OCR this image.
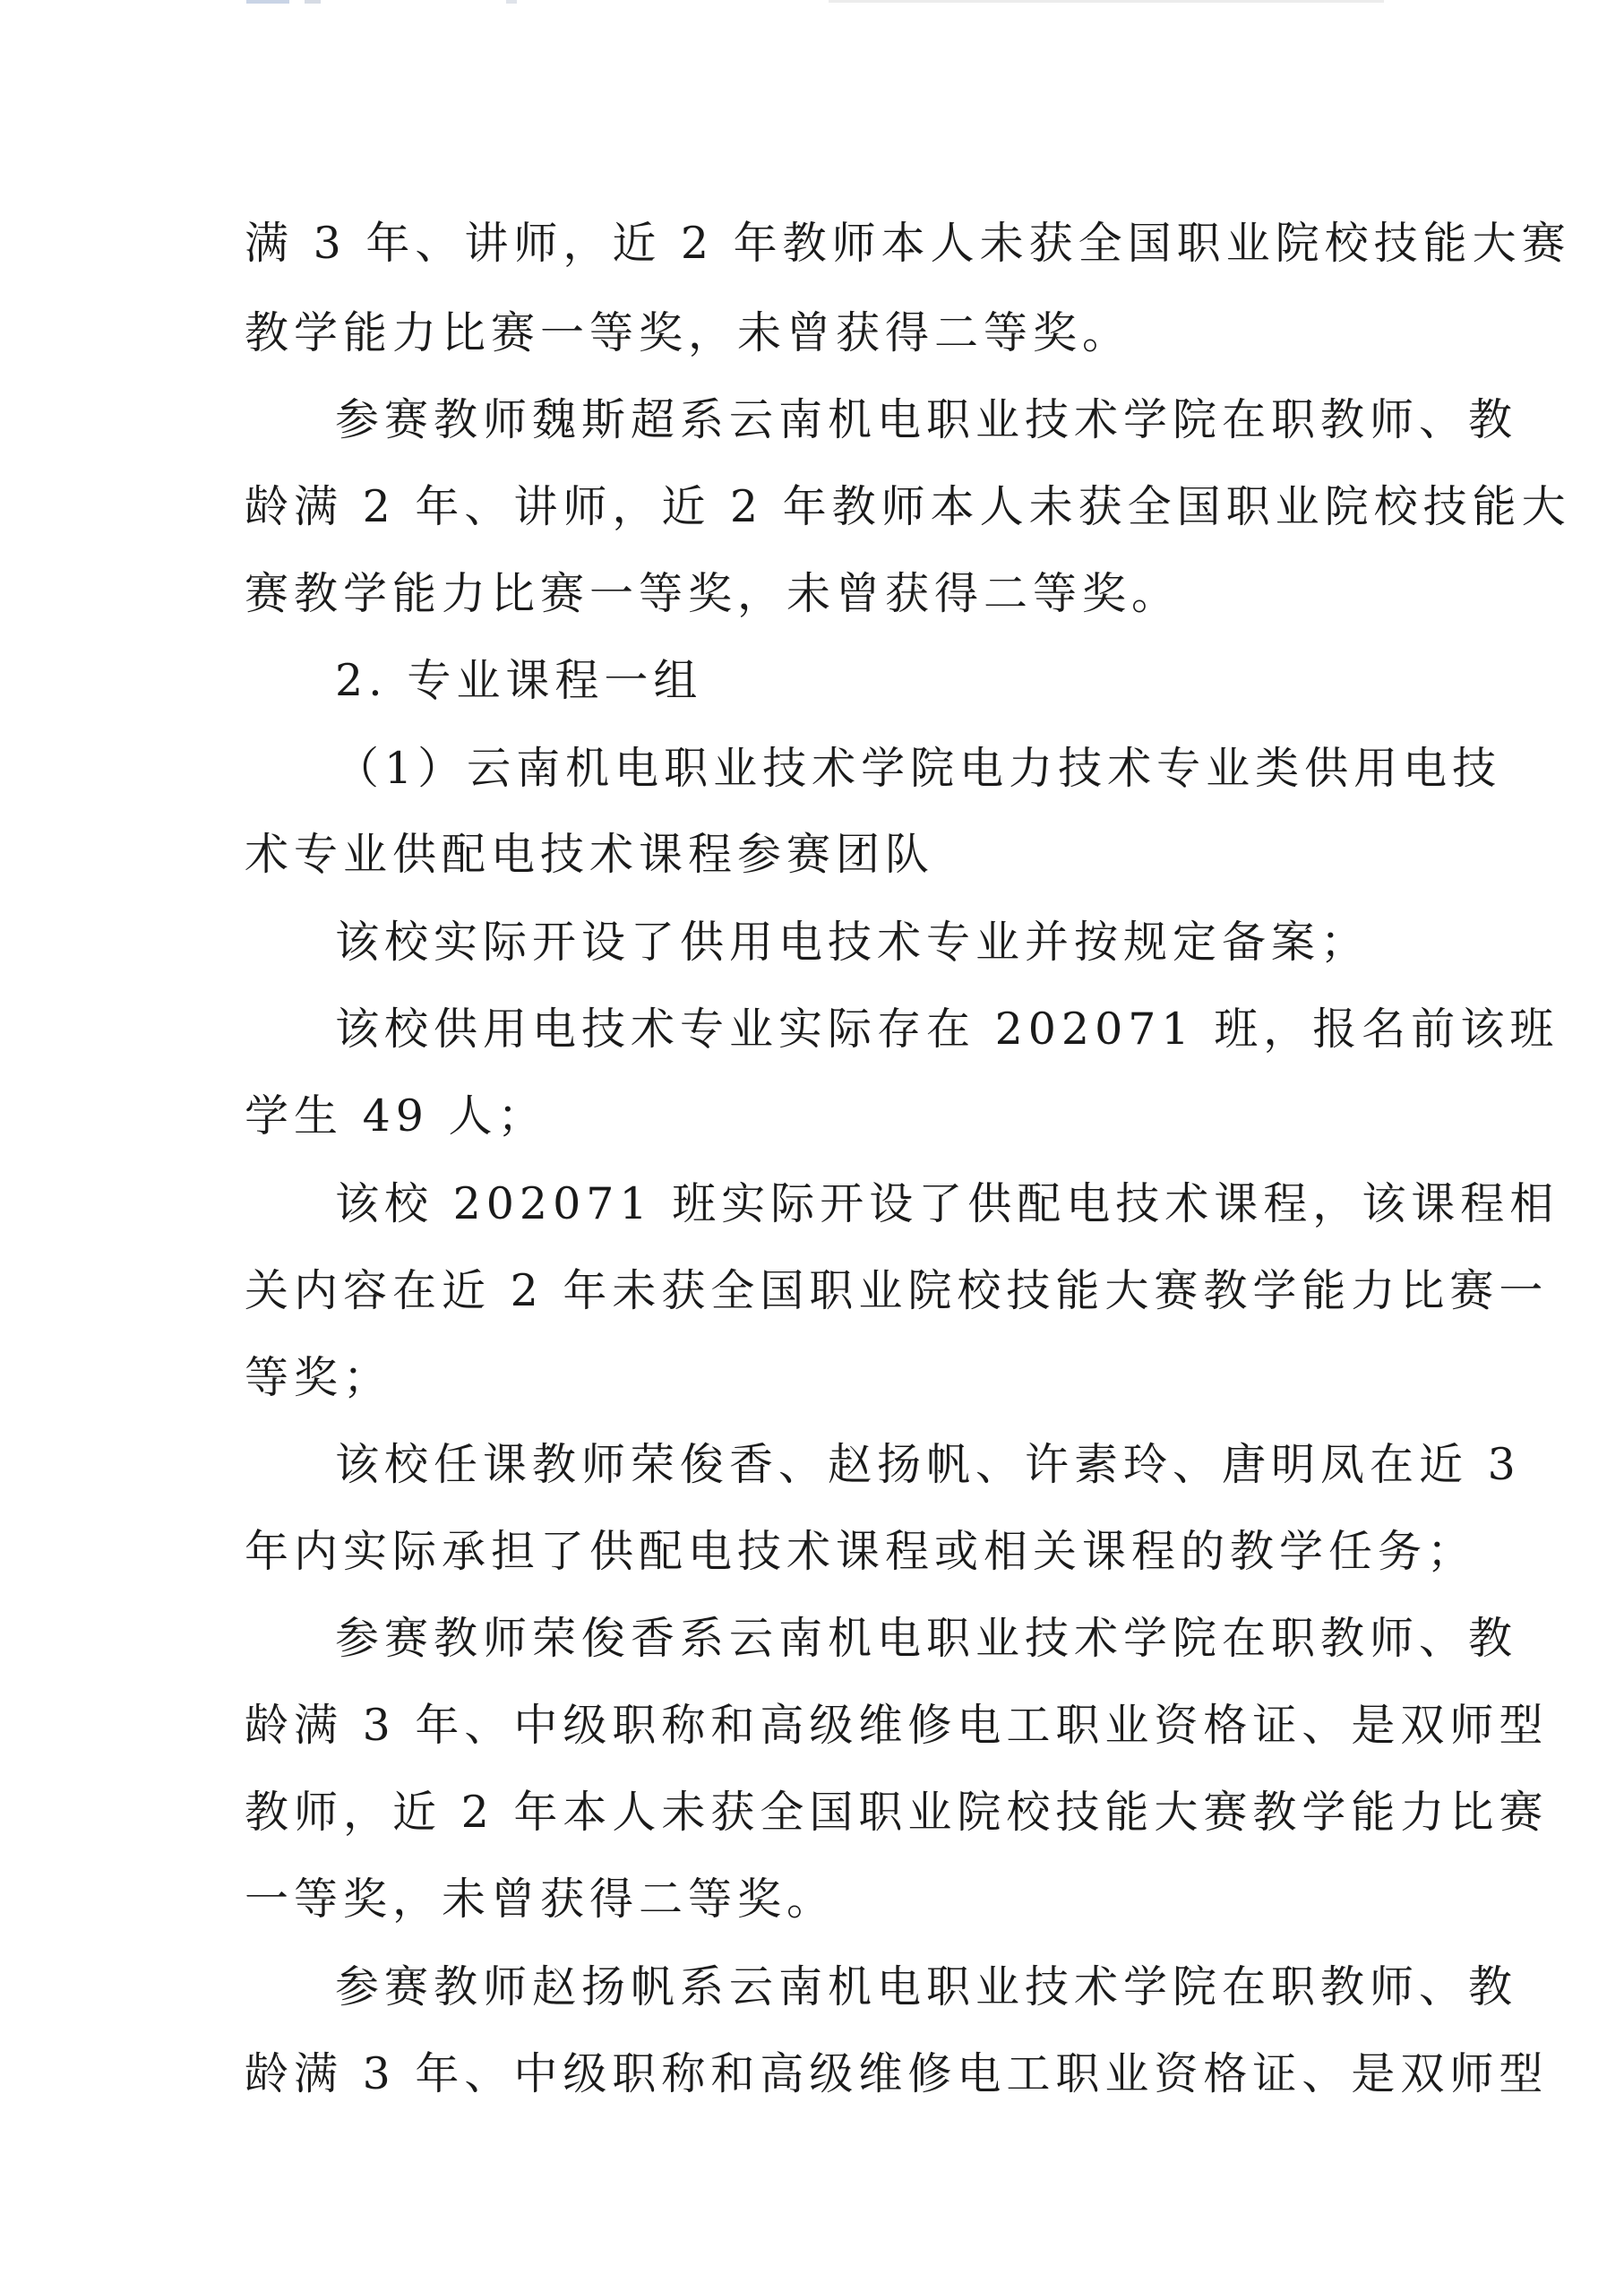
满 3 年、讲师，近 2 年教师本人未获全国职业院校技能大赛
教学能力比赛一等奖，未曾获得二等奖。
参赛教师魏斯超系云南机电职业技术学院在职教师、教
龄满 2 年、讲师，近 2 年教师本人未获全国职业院校技能大
赛教学能力比赛一等奖，未曾获得二等奖。
2. 专业课程一组
（1）云南机电职业技术学院电力技术专业类供用电技
术专业供配电技术课程参赛团队
该校实际开设了供用电技术专业并按规定备案；
该校供用电技术专业实际存在 202071 班，报名前该班
学生 49 人；
该校 202071 班实际开设了供配电技术课程，该课程相
关内容在近 2 年未获全国职业院校技能大赛教学能力比赛一
等奖；
该校任课教师荣俊香、赵扬帆、许素玲、唐明凤在近 3
年内实际承担了供配电技术课程或相关课程的教学任务；
参赛教师荣俊香系云南机电职业技术学院在职教师、教
龄满 3 年、中级职称和高级维修电工职业资格证、是双师型
教师，近 2 年本人未获全国职业院校技能大赛教学能力比赛
一等奖，未曾获得二等奖。
参赛教师赵扬帆系云南机电职业技术学院在职教师、教
龄满 3 年、中级职称和高级维修电工职业资格证、是双师型
